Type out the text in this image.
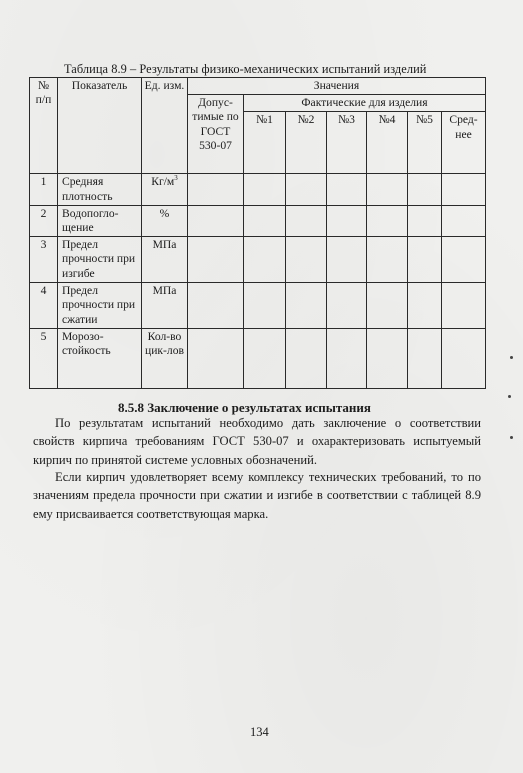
Таблица 8.9 – Результаты физико-механических испытаний изделий
№ п/п	Показатель	Ед. изм.	Значения						
			Допус-тимые по ГОСТ 530-07	Фактические для изделия					
				№1	№2	№3	№4	№5	Сред-нее
1	Средняя плотность	$Кг/м^3$							
2	Водопогло-щение	%							
3	Предел прочности при изгибе	МПа							
4	Предел прочности при сжатии	МПа							
5	Морозо-стойкость	Кол-во цик-лов							
8.5.8 Заключение о результатах испытания
По результатам испытаний необходимо дать заключение о соответствии свойств кирпича требованиям ГОСТ 530-07 и охарактеризовать испытуемый кирпич по принятой системе условных обозначений.
Если кирпич удовлетворяет всему комплексу технических требований, то по значениям предела прочности при сжатии и изгибе в соответствии с таблицей 8.9 ему присваивается соответствующая марка.
134
